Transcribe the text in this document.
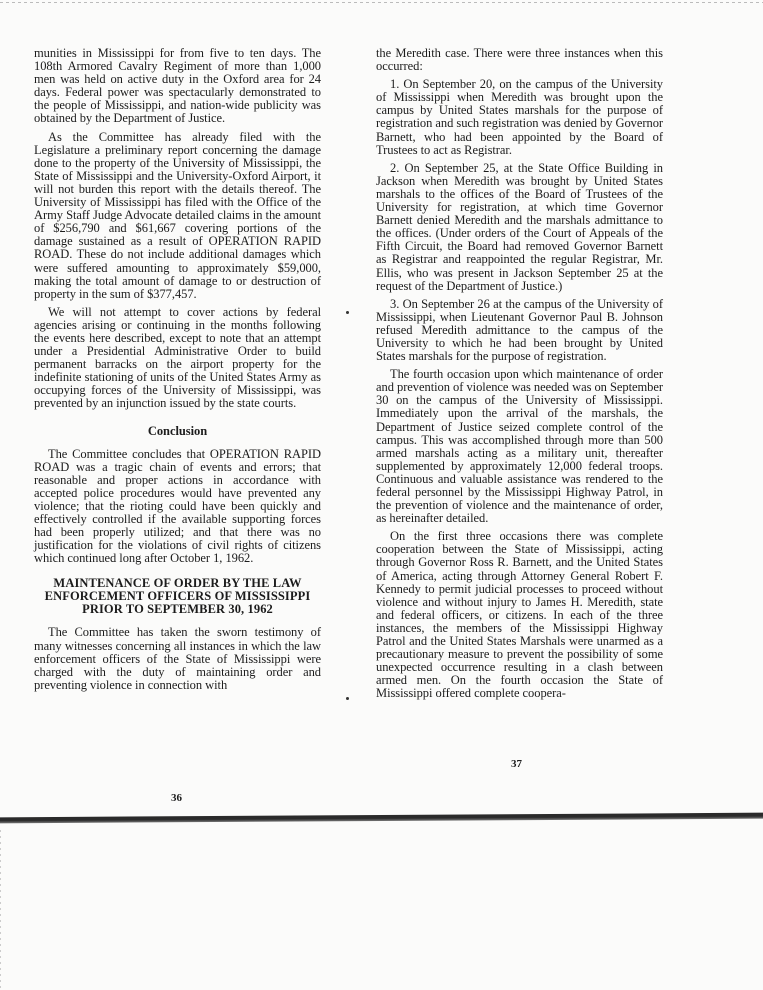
munities in Mississippi for from five to ten days. The 108th Armored Cavalry Regiment of more than 1,000 men was held on active duty in the Oxford area for 24 days. Federal power was spectacularly demonstrated to the people of Mississippi, and nation-wide publicity was obtained by the Department of Justice.

As the Committee has already filed with the Legislature a preliminary report concerning the damage done to the property of the University of Mississippi, the State of Mississippi and the University-Oxford Airport, it will not burden this report with the details thereof. The University of Mississippi has filed with the Office of the Army Staff Judge Advocate detailed claims in the amount of $256,790 and $61,667 covering portions of the damage sustained as a result of OPERATION RAPID ROAD. These do not include additional damages which were suffered amounting to approximately $59,000, making the total amount of damage to or destruction of property in the sum of $377,457.

We will not attempt to cover actions by federal agencies arising or continuing in the months following the events here described, except to note that an attempt under a Presidential Administrative Order to build permanent barracks on the airport property for the indefinite stationing of units of the United States Army as occupying forces of the University of Mississippi, was prevented by an injunction issued by the state courts.

Conclusion

The Committee concludes that OPERATION RAPID ROAD was a tragic chain of events and errors; that reasonable and proper actions in accordance with accepted police procedures would have prevented any violence; that the rioting could have been quickly and effectively controlled if the available supporting forces had been properly utilized; and that there was no justification for the violations of civil rights of citizens which continued long after October 1, 1962.

MAINTENANCE OF ORDER BY THE LAW ENFORCEMENT OFFICERS OF MISSISSIPPI PRIOR TO SEPTEMBER 30, 1962

The Committee has taken the sworn testimony of many witnesses concerning all instances in which the law enforcement officers of the State of Mississippi were charged with the duty of maintaining order and preventing violence in connection with

the Meredith case. There were three instances when this occurred:

1. On September 20, on the campus of the University of Mississippi when Meredith was brought upon the campus by United States marshals for the purpose of registration and such registration was denied by Governor Barnett, who had been appointed by the Board of Trustees to act as Registrar.

2. On September 25, at the State Office Building in Jackson when Meredith was brought by United States marshals to the offices of the Board of Trustees of the University for registration, at which time Governor Barnett denied Meredith and the marshals admittance to the offices. (Under orders of the Court of Appeals of the Fifth Circuit, the Board had removed Governor Barnett as Registrar and reappointed the regular Registrar, Mr. Ellis, who was present in Jackson September 25 at the request of the Department of Justice.)

3. On September 26 at the campus of the University of Mississippi, when Lieutenant Governor Paul B. Johnson refused Meredith admittance to the campus of the University to which he had been brought by United States marshals for the purpose of registration.

The fourth occasion upon which maintenance of order and prevention of violence was needed was on September 30 on the campus of the University of Mississippi. Immediately upon the arrival of the marshals, the Department of Justice seized complete control of the campus. This was accomplished through more than 500 armed marshals acting as a military unit, thereafter supplemented by approximately 12,000 federal troops. Continuous and valuable assistance was rendered to the federal personnel by the Mississippi Highway Patrol, in the prevention of violence and the maintenance of order, as hereinafter detailed.

On the first three occasions there was complete cooperation between the State of Mississippi, acting through Governor Ross R. Barnett, and the United States of America, acting through Attorney General Robert F. Kennedy to permit judicial processes to proceed without violence and without injury to James H. Meredith, state and federal officers, or citizens. In each of the three instances, the members of the Mississippi Highway Patrol and the United States Marshals were unarmed as a precautionary measure to prevent the possibility of some unexpected occurrence resulting in a clash between armed men. On the fourth occasion the State of Mississippi offered complete coopera-

36
37
